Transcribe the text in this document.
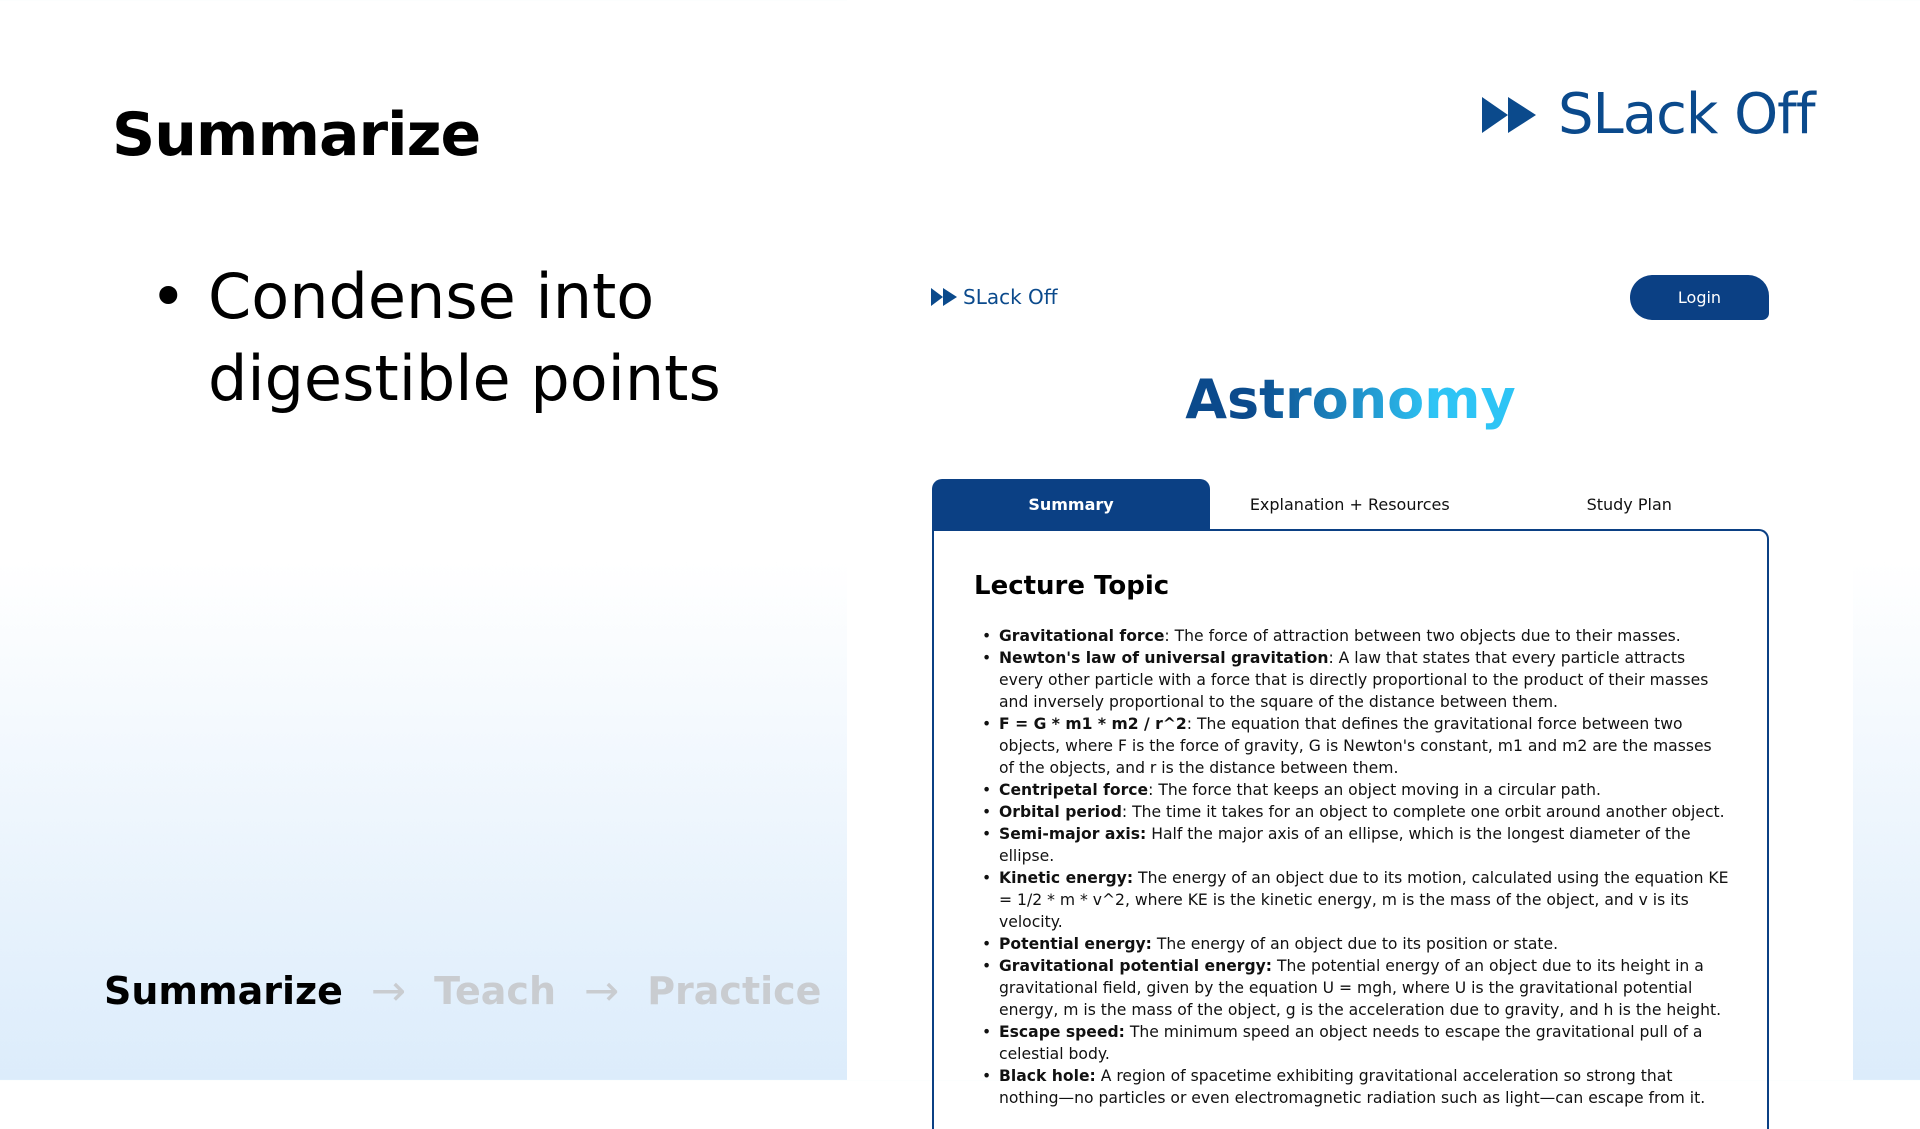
Summarize	SLack Off
• Condense into digestible points
Summarize → Teach → Practice
SLack Off	Login
Astronomy
Summary	Explanation + Resources	Study Plan
Lecture Topic
• Gravitational force: The force of attraction between two objects due to their masses.
• Newton's law of universal gravitation: A law that states that every particle attracts every other particle with a force that is directly proportional to the product of their masses and inversely proportional to the square of the distance between them.
• F = G * m1 * m2 / r^2: The equation that defines the gravitational force between two objects, where F is the force of gravity, G is Newton's constant, m1 and m2 are the masses of the objects, and r is the distance between them.
• Centripetal force: The force that keeps an object moving in a circular path.
• Orbital period: The time it takes for an object to complete one orbit around another object.
• Semi-major axis: Half the major axis of an ellipse, which is the longest diameter of the ellipse.
• Kinetic energy: The energy of an object due to its motion, calculated using the equation KE = 1/2 * m * v^2, where KE is the kinetic energy, m is the mass of the object, and v is its velocity.
• Potential energy: The energy of an object due to its position or state.
• Gravitational potential energy: The potential energy of an object due to its height in a gravitational field, given by the equation U = mgh, where U is the gravitational potential energy, m is the mass of the object, g is the acceleration due to gravity, and h is the height.
• Escape speed: The minimum speed an object needs to escape the gravitational pull of a celestial body.
• Black hole: A region of spacetime exhibiting gravitational acceleration so strong that nothing—no particles or even electromagnetic radiation such as light—can escape from it.
